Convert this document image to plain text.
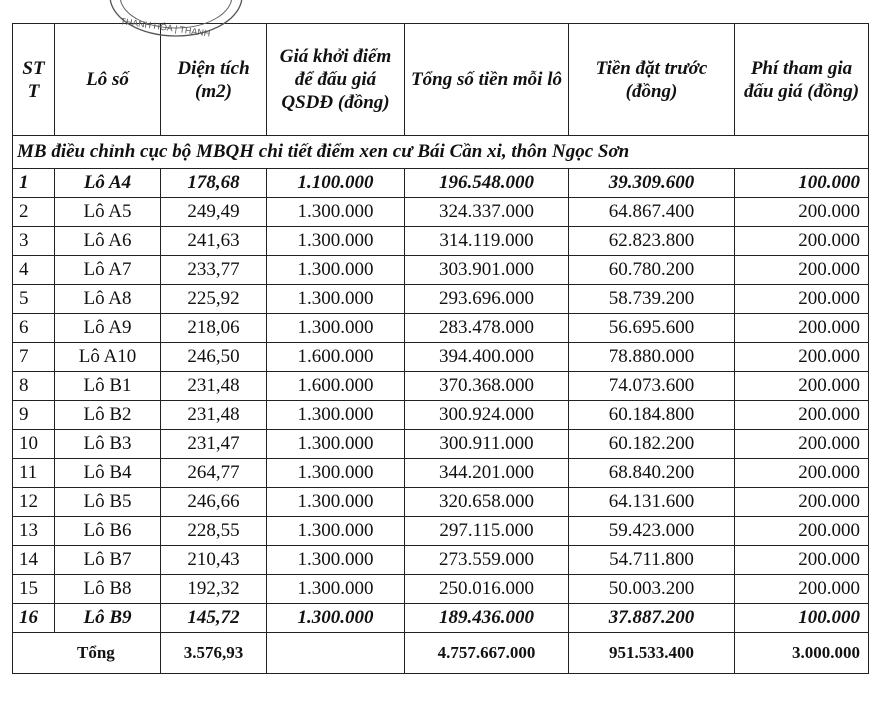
ST T	Lô số	Diện tích (m2)	Giá khởi điểm để đấu giá QSDĐ (đồng)	Tổng số tiền mỗi lô	Tiền đặt trước (đồng)	Phí tham gia đấu giá (đồng)
MB điều chỉnh cục bộ MBQH chi tiết điểm xen cư Bái Cần xi, thôn Ngọc Sơn						
1	Lô A4	178,68	1.100.000	196.548.000	39.309.600	100.000
2	Lô A5	249,49	1.300.000	324.337.000	64.867.400	200.000
3	Lô A6	241,63	1.300.000	314.119.000	62.823.800	200.000
4	Lô A7	233,77	1.300.000	303.901.000	60.780.200	200.000
5	Lô A8	225,92	1.300.000	293.696.000	58.739.200	200.000
6	Lô A9	218,06	1.300.000	283.478.000	56.695.600	200.000
7	Lô A10	246,50	1.600.000	394.400.000	78.880.000	200.000
8	Lô B1	231,48	1.600.000	370.368.000	74.073.600	200.000
9	Lô B2	231,48	1.300.000	300.924.000	60.184.800	200.000
10	Lô B3	231,47	1.300.000	300.911.000	60.182.200	200.000
11	Lô B4	264,77	1.300.000	344.201.000	68.840.200	200.000
12	Lô B5	246,66	1.300.000	320.658.000	64.131.600	200.000
13	Lô B6	228,55	1.300.000	297.115.000	59.423.000	200.000
14	Lô B7	210,43	1.300.000	273.559.000	54.711.800	200.000
15	Lô B8	192,32	1.300.000	250.016.000	50.003.200	200.000
16	Lô B9	145,72	1.300.000	189.436.000	37.887.200	100.000
Tổng		3.576,93		4.757.667.000	951.533.400	3.000.000
THÀNH HÓA | THANH
